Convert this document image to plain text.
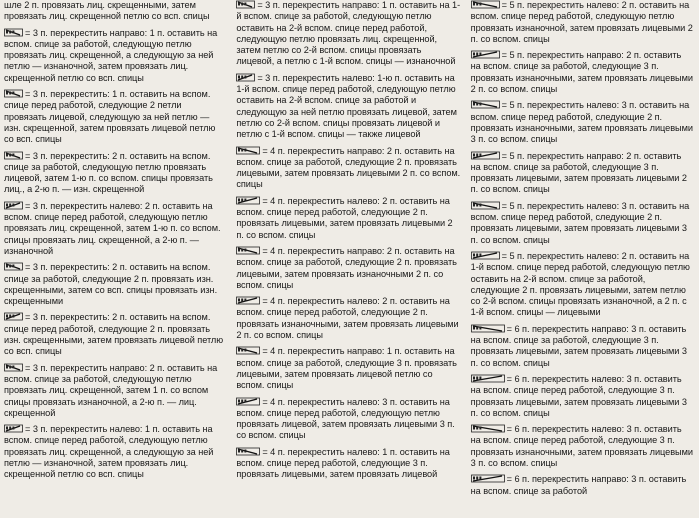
шле 2 п. провязать лиц. скрещенными, затем провязать лиц. скрещенной петлю со всп. спицы

= 3 п. перекрестить направо: 1 п. оставить на вспом. спице за работой, следующую петлю провязать лиц. скрещенной, а следующую за ней петлю — изнаночной, затем провязать лиц. скрещенной петлю со всп. спицы

= 3 п. перекрестить: 1 п. оставить на вспом. спице перед работой, следующие 2 петли провязать лицевой, следующую за ней петлю — изн. скрещенной, затем провязать лицевой петлю со всп. спицы

= 3 п. перекрестить: 2 п. оставить на вспом. спице за работой, следующую петлю провязать лицевой, затем 1-ю п. со вспом. спицы провязать лиц., а 2-ю п. — изн. скрещенной

= 3 п. перекрестить налево: 2 п. оставить на вспом. спице перед работой, следующую петлю провязать лиц. скрещенной, затем 1-ю п. со вспом. спицы провязать лиц. скрещенной, а 2-ю п. — изнаночной

= 3 п. перекрестить: 2 п. оставить на вспом. спице за работой, следующие 2 п. провязать изн. скрещенными, затем со всп. спицы провязать изн. скрещенными

= 3 п. перекрестить: 2 п. оставить на вспом. спице перед работой, следующие 2 п. провязать изн. скрещенными, затем провязать лицевой петлю со всп. спицы

= 3 п. перекрестить направо: 2 п. оставить на вспом. спице за работой, следующую петлю провязать лиц. скрещенной, затем 1 п. со вспом спицы провязать изнаночной, а 2-ю п. — лиц. скрещенной

= 3 п. перекрестить налево: 1 п. оставить на вспом. спице перед работой, следующую петлю провязать лиц. скрещенной, а следующую за ней петлю — изнаночной, затем провязать лиц. скрещенной петлю со всп. спицы

= 3 п. перекрестить направо: 1 п. оставить на 1-й вспом. спице за работой, следующую петлю оставить на 2-й вспом. спице перед работой, следующую петлю провязать лиц. скрещенной, затем петлю со 2-й вспом. спицы провязать лицевой, а петлю с 1-й вспом. спицы — изнаночной

= 3 п. перекрестить налево: 1-ю п. оставить на 1-й вспом. спице перед работой, следующую петлю оставить на 2-й вспом. спице за работой и следующую за ней петлю провязать лицевой, затем петлю со 2-й вспом. спицы провязать лицевой и петлю с 1-й вспом. спицы — также лицевой

= 4 п. перекрестить направо: 2 п. оставить на вспом. спице за работой, следующие 2 п. провязать лицевыми, затем провязать лицевыми 2 п. со вспом. спицы

= 4 п. перекрестить налево: 2 п. оставить на вспом. спице перед работой, следующие 2 п. провязать лицевыми, затем провязать лицевыми 2 п. со вспом. спицы

= 4 п. перекрестить направо: 2 п. оставить на вспом. спице за работой, следующие 2 п. провязать лицевыми, затем провязать изнаночными 2 п. со вспом. спицы

= 4 п. перекрестить налево: 2 п. оставить на вспом. спице перед работой, следующие 2 п. провязать изнаночными, затем провязать лицевыми 2 п. со вспом. спицы

= 4 п. перекрестить направо: 1 п. оставить на вспом. спице за работой, следующие 3 п. провязать лицевыми, затем провязать лицевой петлю со вспом. спицы

= 4 п. перекрестить налево: 3 п. оставить на вспом. спице перед работой, следующую петлю провязать лицевой, затем провязать лицевыми 3 п. со вспом. спицы

= 4 п. перекрестить налево: 1 п. оставить на вспом. спице перед работой, следующие 3 п. провязать лицевыми, затем провязать лицевой

= 5 п. перекрестить налево: 2 п. оставить на вспом. спице перед работой, следующую петлю провязать изнаночной, затем провязать лицевыми 2 п. со вспом. спицы

= 5 п. перекрестить направо: 2 п. оставить на вспом. спице за работой, следующие 3 п. провязать изнаночными, затем провязать лицевыми 2 п. со вспом. спицы

= 5 п. перекрестить налево: 3 п. оставить на вспом. спице перед работой, следующие 2 п. провязать изнаночными, затем провязать лицевыми 3 п. со вспом. спицы

= 5 п. перекрестить направо: 2 п. оставить на вспом. спице за работой, следующие 3 п. провязать лицевыми, затем провязать лицевыми 2 п. со вспом. спицы

= 5 п. перекрестить налево: 3 п. оставить на вспом. спице перед работой, следующие 2 п. провязать лицевыми, затем провязать лицевыми 3 п. со вспом. спицы

= 5 п. перекрестить налево: 2 п. оставить на 1-й вспом. спице перед работой, следующую петлю оставить на 2-й вспом. спице за работой, следующие 2 п. провязать лицевыми, затем петлю со 2-й вспом. спицы провязать изнаночной, а 2 п. с 1-й вспом. спицы — лицевыми

= 6 п. перекрестить направо: 3 п. оставить на вспом. спице за работой, следующие 3 п. провязать лицевыми, затем провязать лицевыми 3 п. со вспом. спицы

= 6 п. перекрестить налево: 3 п. оставить на вспом. спице перед работой, следующие 3 п. провязать лицевыми, затем провязать лицевыми 3 п. со вспом. спицы

= 6 п. перекрестить налево: 3 п. оставить на вспом. спице перед работой, следующие 3 п. провязать изнаночными, затем провязать лицевыми 3 п. со вспом. спицы

= 6 п. перекрестить направо: 3 п. оставить на вспом. спице за работой
